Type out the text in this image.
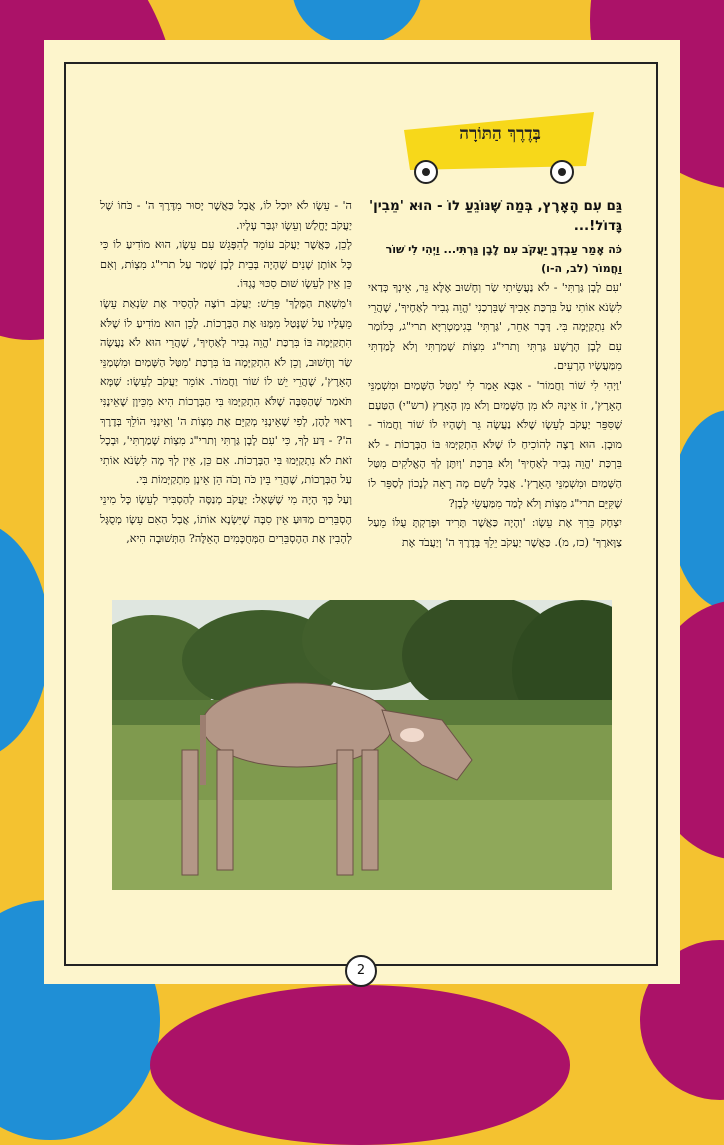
בְּדֶרֶךְ הַתּוֹרָה
גַּם עִם הָאָרֶץ, בְּמַה שֶּׁנּוֹגֵעַ לוֹ - הוּא 'מֵבִין' גָּדוֹל!...
כֹּה אָמַר עַבְדְּךָ יַעֲקֹב עִם לָבָן גַּרְתִּי... וַיְהִי לִי שׁוֹר וַחֲמוֹר (לב, ה-ו)

'עִם לָבָן גַּרְתִּי' - לֹא נַעֲשֵׂיתִי שַׂר וְחָשׁוּב אֶלָּא גֵּר, אֵינְךָ כְּדַאי לִשְׂנֹא אוֹתִי עַל בִּרְכַּת אָבִיךָ שֶׁבֵּרְכַנִי 'הֱוֵה גְבִיר לְאַחֶיךָ', שֶׁהֲרֵי לֹא נִתְקַיְּמָה בִּי. דָּבָר אַחֵר, 'גַּרְתִּי' בְּגִימַטְרִיָּא תרי"ג, כְּלוֹמַר עִם לָבָן הָרָשָׁע גַּרְתִּי וְתרי"ג מִצְוֹת שָׁמַרְתִּי וְלֹא לָמַדְתִּי מִמַּעֲשָׂיו הָרָעִים.

'וַיְהִי לִי שׁוֹר וַחֲמוֹר' - אַבָּא אָמַר לִי 'מִטַּל הַשָּׁמַיִם וּמִשְׁמַנֵּי הָאָרֶץ', זוֹ אֵינָהּ לֹא מִן הַשָּׁמַיִם וְלֹא מִן הָאָרֶץ (רש"י) הַטַּעַם שֶׁסִּפֵּר יַעֲקֹב לְעֵשָׂו שֶׁלֹּא נַעֲשָׂה גֵּר וְשֶׁהָיוּ לוֹ שׁוֹר וַחֲמוֹר - מוּבָן. הוּא רָצָה לְהוֹכִיחַ לוֹ שֶׁלֹּא הִתְקַיְּמוּ בּוֹ הַבְּרָכוֹת - לֹא בִּרְכַּת 'הֱוֵה גְבִיר לְאַחֶיךָ' וְלֹא בִּרְכַּת 'וְיִתֶּן לְךָ הָאֱלֹקִים מִטַּל הַשָּׁמַיִם וּמִשְׁמַנֵּי הָאָרֶץ'. אֲבָל לְשֵׁם מָה רָאָה לְנָכוֹן לְסַפֵּר לוֹ שֶׁקִּיֵּם תרי"ג מִצְוֹת וְלֹא לָמַד מִמַּעֲשֵׂי לָבָן?

יִצְחָק בֵּרֵךְ אֶת עֵשָׂו: 'וְהָיָה כַּאֲשֶׁר תָּרִיד וּפָרַקְתָּ עֻלּוֹ מֵעַל צַוָּארֶךָ' (כז, מ). כַּאֲשֶׁר יַעֲקֹב יֵלֵךְ בְּדֶרֶךְ ה' וְיַעֲבֹד אֶת

ה' - עֵשָׂו לֹא יוּכַל לוֹ, אֲבָל כַּאֲשֶׁר יָסוּר מִדֶּרֶךְ ה' - כֹּחוֹ שֶׁל יַעֲקֹב יֶחֱלַשׁ וְעֵשָׂו יִגְבַּר עָלָיו.

לָכֵן, כַּאֲשֶׁר יַעֲקֹב עוֹמֵד לְהִפָּגֵשׁ עִם עֵשָׂו, הוּא מוֹדִיעַ לוֹ כִּי כָּל אוֹתָן שָׁנִים שֶׁהָיָה בְּבֵית לָבָן שָׁמַר עַל תרי"ג מִצְוֹת, וְאִם כֵּן אֵין לְעֵשָׂו שׁוּם סִכּוּי נֶגְדּוֹ.

וּ'מִשְׁאַת הַמֶּלֶךְ' פֵּרֵשׁ: יַעֲקֹב רוֹצֶה לְהָסִיר אֶת שִׂנְאַת עֵשָׂו מֵעָלָיו עַל שֶׁנָּטַל מִמֶּנּוּ אֶת הַבְּרָכוֹת. לָכֵן הוּא מוֹדִיעַ לוֹ שֶׁלֹּא הִתְקַיְּמָה בּוֹ בִּרְכַּת 'הֱוֵה גְבִיר לְאַחֶיךָ', שֶׁהֲרֵי הוּא לֹא נַעֲשָׂה שַׂר וְחָשׁוּב, וְכֵן לֹא הִתְקַיְּמָה בּוֹ בִּרְכַּת 'מִטַּל הַשָּׁמַיִם וּמִשְׁמַנֵּי הָאָרֶץ', שֶׁהֲרֵי יֵשׁ לוֹ שׁוֹר וַחֲמוֹר. אוֹמֵר יַעֲקֹב לְעֵשָׂו: שֶׁמָּא תֹּאמַר שֶׁהַסִּבָּה שֶׁלֹּא הִתְקַיְּמוּ בִּי הַבְּרָכוֹת הִיא מִכֵּיוָן שֶׁאֵינֶנִּי רָאוּי לָהֶן, לְפִי שֶׁאֵינֶנִּי מְקַיֵּם אֶת מִצְוֹת ה' וְאֵינֶנִּי הוֹלֵךְ בְּדֶרֶךְ ה'? - דַּע לְךָ, כִּי 'עִם לָבָן גַּרְתִּי וְתרי"ג מִצְוֹת שָׁמַרְתִּי', וּבְכָל זֹאת לֹא נִתְקַיְּמוּ בִּי הַבְּרָכוֹת. אִם כֵּן, אֵין לְךָ מָה לִשְׂנֹא אוֹתִי עַל הַבְּרָכוֹת, שֶׁהֲרֵי בֵּין כֹּה וָכֹה הֵן אֵינָן מִתְקַיְּמוֹת בִּי.

וְעַל כָּךְ הָיָה מִי שֶׁשָּׁאַל: יַעֲקֹב מְנַסֶּה לְהַסְבִּיר לְעֵשָׂו כָּל מִינֵי הֶסְבֵּרִים מַדּוּעַ אֵין סִבָּה שֶׁיִּשְׂנָא אוֹתוֹ, אֲבָל הַאִם עֵשָׂו מְסֻגָּל לְהָבִין אֶת הַהֶסְבֵּרִים הַמְּחֻכָּמִים הָאֵלֶּה? הַתְּשׁוּבָה הִיא,

2
